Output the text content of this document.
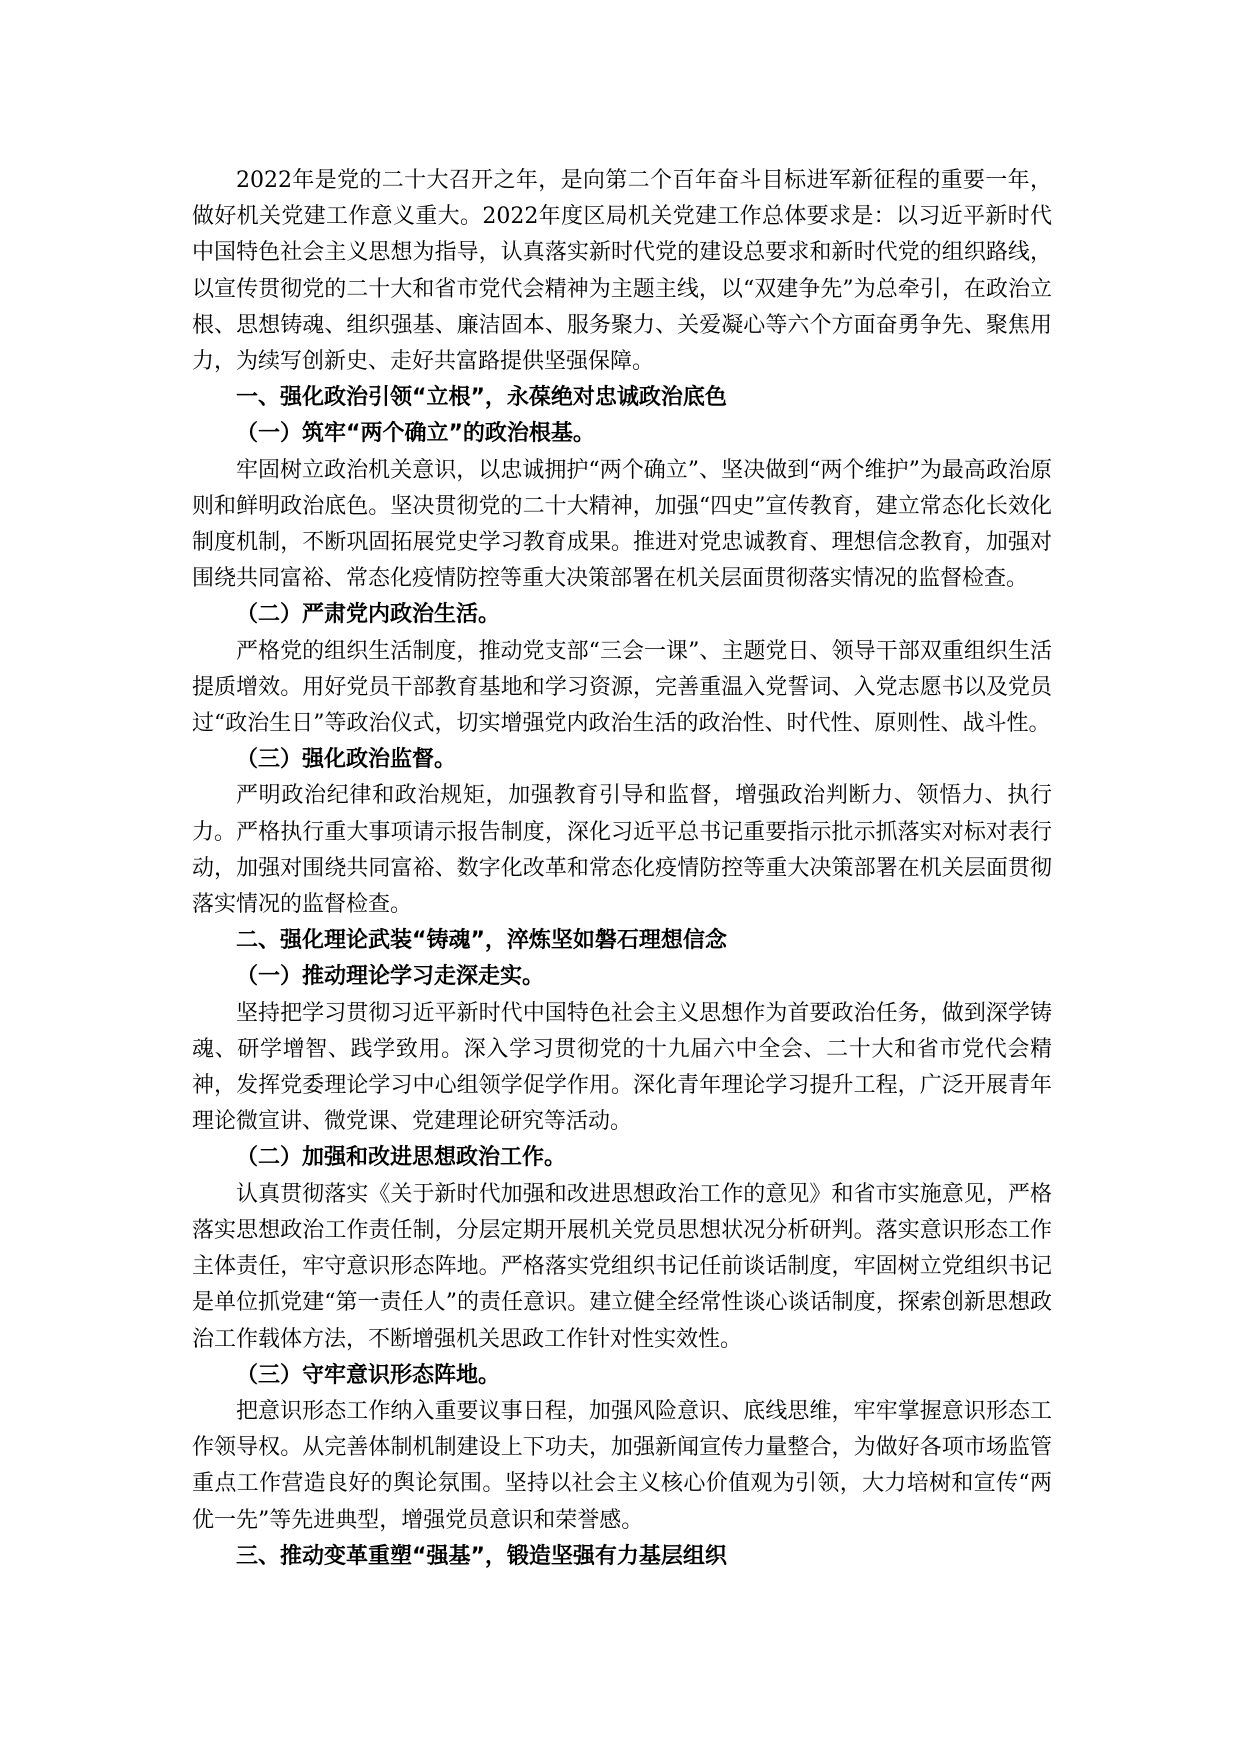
2022年是党的二十大召开之年，是向第二个百年奋斗目标进军新征程的重要一年，做好机关党建工作意义重大。2022年度区局机关党建工作总体要求是：以习近平新时代中国特色社会主义思想为指导，认真落实新时代党的建设总要求和新时代党的组织路线，以宣传贯彻党的二十大和省市党代会精神为主题主线，以“双建争先”为总牵引，在政治立根、思想铸魂、组织强基、廉洁固本、服务聚力、关爱凝心等六个方面奋勇争先、聚焦用力，为续写创新史、走好共富路提供坚强保障。

一、强化政治引领“立根”，永葆绝对忠诚政治底色

（一）筑牢“两个确立”的政治根基。

牢固树立政治机关意识，以忠诚拥护“两个确立”、坚决做到“两个维护”为最高政治原则和鲜明政治底色。坚决贯彻党的二十大精神，加强“四史”宣传教育，建立常态化长效化制度机制，不断巩固拓展党史学习教育成果。推进对党忠诚教育、理想信念教育，加强对围绕共同富裕、常态化疫情防控等重大决策部署在机关层面贯彻落实情况的监督检查。

（二）严肃党内政治生活。

严格党的组织生活制度，推动党支部“三会一课”、主题党日、领导干部双重组织生活提质增效。用好党员干部教育基地和学习资源，完善重温入党誓词、入党志愿书以及党员过“政治生日”等政治仪式，切实增强党内政治生活的政治性、时代性、原则性、战斗性。

（三）强化政治监督。

严明政治纪律和政治规矩，加强教育引导和监督，增强政治判断力、领悟力、执行力。严格执行重大事项请示报告制度，深化习近平总书记重要指示批示抓落实对标对表行动，加强对围绕共同富裕、数字化改革和常态化疫情防控等重大决策部署在机关层面贯彻落实情况的监督检查。

二、强化理论武装“铸魂”，淬炼坚如磐石理想信念

（一）推动理论学习走深走实。

坚持把学习贯彻习近平新时代中国特色社会主义思想作为首要政治任务，做到深学铸魂、研学增智、践学致用。深入学习贯彻党的十九届六中全会、二十大和省市党代会精神，发挥党委理论学习中心组领学促学作用。深化青年理论学习提升工程，广泛开展青年理论微宣讲、微党课、党建理论研究等活动。

（二）加强和改进思想政治工作。

认真贯彻落实《关于新时代加强和改进思想政治工作的意见》和省市实施意见，严格落实思想政治工作责任制，分层定期开展机关党员思想状况分析研判。落实意识形态工作主体责任，牢守意识形态阵地。严格落实党组织书记任前谈话制度，牢固树立党组织书记是单位抓党建“第一责任人”的责任意识。建立健全经常性谈心谈话制度，探索创新思想政治工作载体方法，不断增强机关思政工作针对性实效性。

（三）守牢意识形态阵地。

把意识形态工作纳入重要议事日程，加强风险意识、底线思维，牢牢掌握意识形态工作领导权。从完善体制机制建设上下功夫，加强新闻宣传力量整合，为做好各项市场监管重点工作营造良好的舆论氛围。坚持以社会主义核心价值观为引领，大力培树和宣传“两优一先”等先进典型，增强党员意识和荣誉感。

三、推动变革重塑“强基”，锻造坚强有力基层组织
